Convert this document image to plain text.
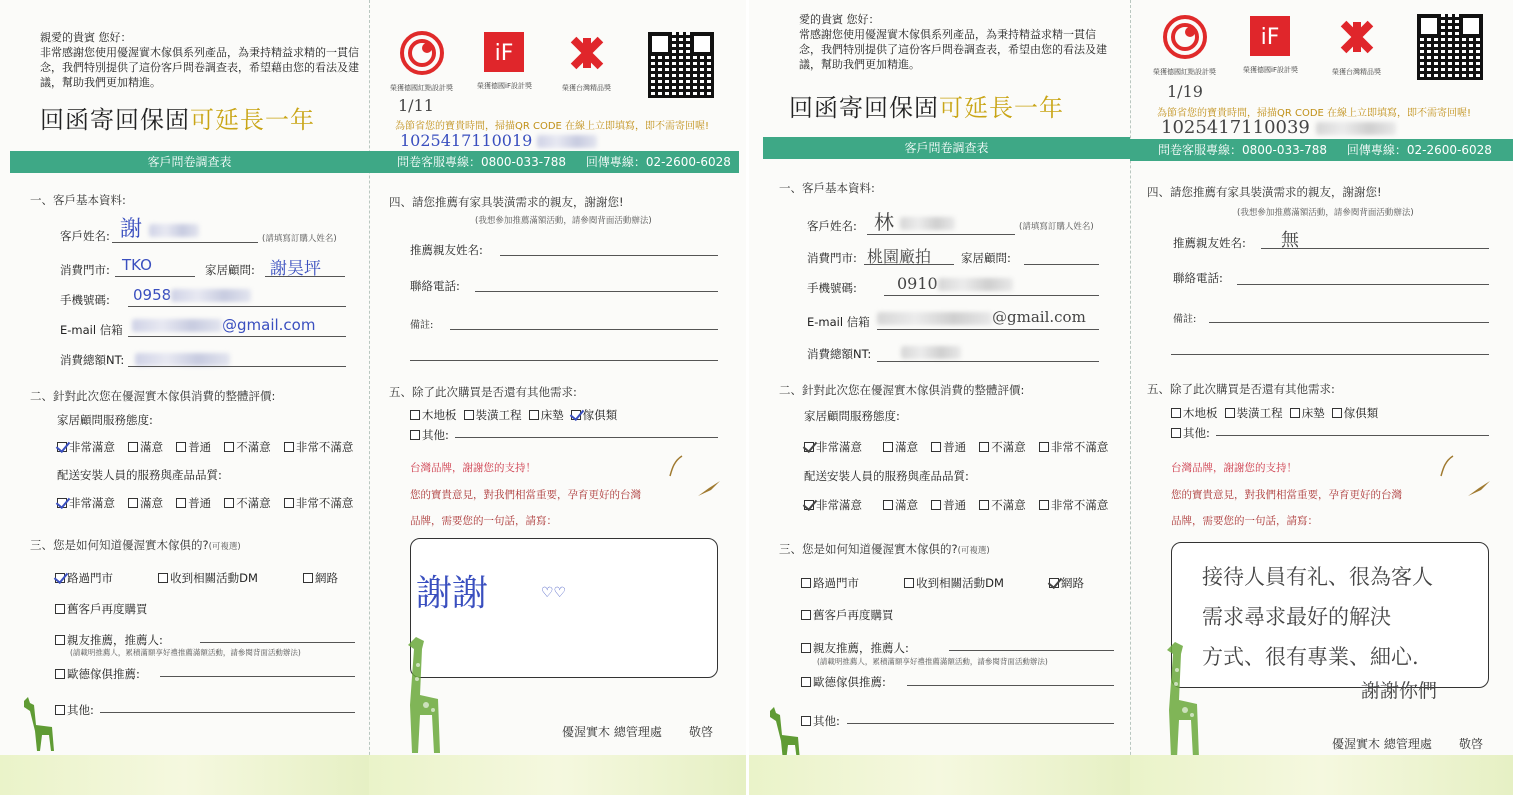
親愛的貴賓 您好：
非常感謝您使用優渥實木傢俱系列產品，為秉持精益求精的一貫信念，我們特別提供了這份客戶問卷調查表，希望藉由您的看法及建議，幫助我們更加精進。
回函寄回保固可延長一年
客戶問卷調查表
一、客戶基本資料:
客戶姓名: 謝	(請填寫訂購人姓名)
消費門市: TKO	家居顧問: 謝昊坪
手機號碼: 0958
E-mail 信箱	@gmail.com
消費總額NT:
二、針對此次您在優渥實木傢俱消費的整體評價:
家居顧問服務態度:
非常滿意 滿意 普通 不滿意 非常不滿意
配送安裝人員的服務與產品品質:
非常滿意 滿意 普通 不滿意 非常不滿意
三、您是如何知道優渥實木傢俱的?(可複選)
路過門市	收到相關活動DM	網路
舊客戶再度購買
親友推薦，推薦人:
(請載明推薦人，累積滿額享好禮推薦滿額活動，請參閱背面活動辦法)
歐德傢俱推薦:
其他:
榮獲德國紅點設計獎
iF
榮獲德國iF設計獎	榮獲台灣精品獎
1/11
為節省您的寶貴時間，掃描QR CODE 在線上立即填寫，即不需寄回喔!
1025417110019
問卷客服專線：0800-033-788 回傳專線：02-2600-6028
四、請您推薦有家具裝潢需求的親友，謝謝您!
(我想參加推薦滿額活動，請參閱背面活動辦法)
推薦親友姓名:
聯絡電話:
備註:
五、除了此次購買是否還有其他需求:
木地板 裝潢工程 床墊 傢俱類
其他:
台灣品牌，謝謝您的支持！
您的寶貴意見，對我們相當重要，孕育更好的台灣
品牌，需要您的一句話，請寫：
謝謝	♡♡
優渥實木 總管理處 敬啓
愛的貴賓 您好：
常感謝您使用優渥實木傢俱系列產品，為秉持精益求精一貫信念，我們特別提供了這份客戶問卷調查表，希望由您的看法及建議，幫助我們更加精進。
回函寄回保固可延長一年
客戶問卷調查表
一、客戶基本資料:
客戶姓名: 林	(請填寫訂購人姓名)
消費門市: 桃園廠拍	家居顧問:
手機號碼:	0910
E-mail 信箱	@gmail.com
消費總額NT:
二、針對此次您在優渥實木傢俱消費的整體評價:
家居顧問服務態度:
非常滿意	滿意 普通 不滿意 非常不滿意
配送安裝人員的服務與產品品質:
非常滿意	滿意 普通 不滿意 非常不滿意
三、您是如何知道優渥實木傢俱的?(可複選)
路過門市	收到相關活動DM	網路
舊客戶再度購買
親友推薦，推薦人:
(請載明推薦人，累積滿額享好禮推薦滿額活動，請參閱背面活動辦法)
歐德傢俱推薦:
其他:
榮獲德國紅點設計獎
iF
榮獲德國iF設計獎	榮獲台灣精品獎
1/19
為節省您的寶貴時間，掃描QR CODE 在線上立即填寫，即不需寄回喔!
1025417110039
問卷客服專線：0800-033-788 回傳專線：02-2600-6028
四、請您推薦有家具裝潢需求的親友，謝謝您!
(我想參加推薦滿額活動，請參閱背面活動辦法)
推薦親友姓名: 無
聯絡電話:
備註:
五、除了此次購買是否還有其他需求:
木地板 裝潢工程 床墊 傢俱類
其他:
台灣品牌，謝謝您的支持！
您的寶貴意見，對我們相當重要，孕育更好的台灣
品牌，需要您的一句話，請寫：
接待人員有礼、很為客人
需求尋求最好的解決
方式、很有專業、細心.
謝謝你們
優渥實木 總管理處 敬啓
